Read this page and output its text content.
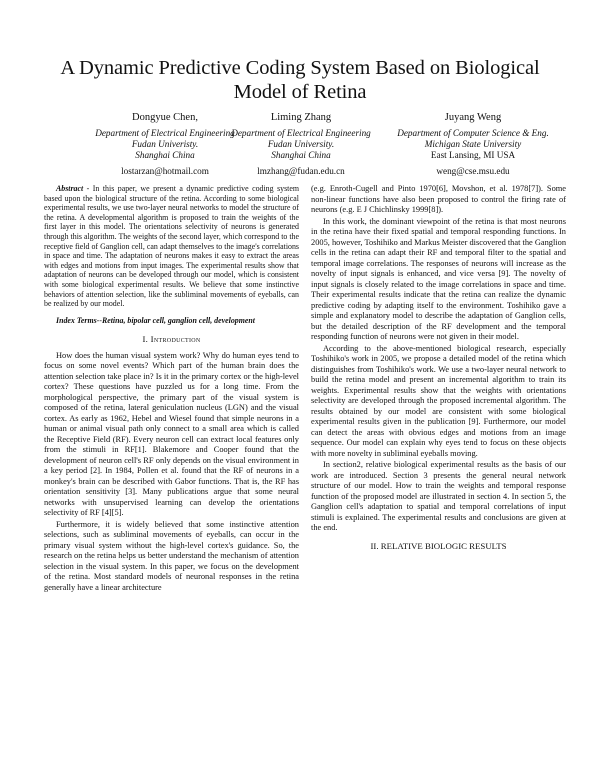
A Dynamic Predictive Coding System Based on Biological Model of Retina
Dongyue Chen,
Department of Electrical Engineering
Fudan Univeristy.
Shanghai China
lostarzan@hotmail.com
Liming Zhang
Department of Electrical Engineering
Fudan University.
Shanghai China
lmzhang@fudan.edu.cn
Juyang Weng
Department of Computer Science & Eng.
Michigan State University
East Lansing, MI USA
weng@cse.msu.edu

Abstract - In this paper, we present a dynamic predictive coding system based upon the biological structure of the retina. According to some biological experimental results, we use two-layer neural networks to model the structure of the retina. A developmental algorithm is proposed to train the weights of the first layer in this model. The orientations selectivity of neurons is generated through this algorithm. The weights of the second layer, which correspond to the receptive field of Ganglion cell, can adapt themselves to the image's correlations in space and time. The adaptation of neurons makes it easy to extract the areas with edges and motions from input images. The experimental results show that adaptation of neurons can be developed through our model, which is consistent with some biological experimental results. We believe that some instinctive behaviors of attention selection, like the subliminal movements of eyeballs, can be realized by our model.

Index Terms--Retina, bipolar cell, ganglion cell, development

I. Introduction

How does the human visual system work? Why do human eyes tend to focus on some novel events? Which part of the human brain does the attention selection take place in? Is it in the primary cortex or the high-level cortex? These questions have puzzled us for a long time. From the morphological perspective, the primary part of the visual system is composed of the retina, lateral geniculation nucleus (LGN) and the visual cortex. As early as 1962, Hebel and Wiesel found that simple neurons in a human or animal visual path only connect to a small area which is called the Receptive Field (RF). Every neuron cell can extract local features only from the stimuli in RF[1]. Blakemore and Cooper found that the development of neuron cell's RF only depends on the visual environment in a key period [2]. In 1984, Pollen et al. found that the RF of neurons in a monkey's brain can be described with Gabor functions. That is, the RF has orientation sensitivity [3]. Many publications argue that some neural networks with unsupervised learning can develop the orientations selectivity of RF [4][5].

Furthermore, it is widely believed that some instinctive attention selections, such as subliminal movements of eyeballs, can occur in the primary visual system without the high-level cortex's guidance. So, the research on the retina helps us better understand the mechanism of attention selection in the visual system. In this paper, we focus on the development of the retina. Most standard models of neuronal responses in the retina generally have a linear architecture

(e.g. Enroth-Cugell and Pinto 1970[6], Movshon, et al. 1978[7]). Some non-linear functions have also been proposed to control the firing rate of neurons (e.g. E J Chichlinsky 1999[8]).

In this work, the dominant viewpoint of the retina is that most neurons in the retina have their fixed spatial and temporal responding functions. In 2005, however, Toshihiko and Markus Meister discovered that the Ganglion cells in the retina can adapt their RF and temporal filter to the spatial and temporal image correlations. The responses of neurons will increase as the novelty of input signals is enhanced, and vice versa [9]. The novelty of input signals is closely related to the image correlations in space and time. Their experimental results indicate that the retina can realize the dynamic predictive coding by adapting itself to the environment. Toshihiko gave a simple and explanatory model to describe the adaptation of Ganglion cells, but the detailed description of the RF development and the temporal responding function of neurons were not given in their model.

According to the above-mentioned biological research, especially Toshihiko's work in 2005, we propose a detailed model of the retina which distinguishes from Toshihiko's work. We use a two-layer neural network to build the retina model and present an incremental algorithm to train its weights. Experimental results show that the weights with orientations selectivity are developed through the proposed incremental algorithm. The results obtained by our model are consistent with some biological experimental results given in the publication [9]. Furthermore, our model can detect the areas with obvious edges and motions from an image sequence. Our model can explain why eyes tend to focus on these objects with more novelty in subliminal eyeballs moving.

In section2, relative biological experimental results as the basis of our work are introduced. Section 3 presents the general neural network structure of our model. How to train the weights and temporal response function of the proposed model are illustrated in section 4. In section 5, the Ganglion cell's adaptation to spatial and temporal correlations of input stimuli is explained. The experimental results and conclusions are given at the end.

II. RELATIVE BIOLOGIC RESULTS
